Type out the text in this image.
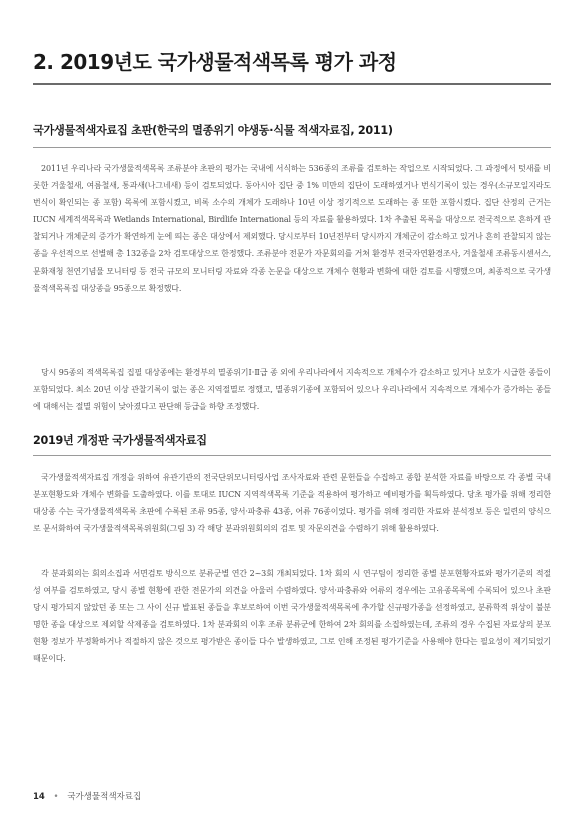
2. 2019년도 국가생물적색목록 평가 과정
국가생물적색자료집 초판(한국의 멸종위기 야생동·식물 적색자료집, 2011)
2011년 우리나라 국가생물적색목록 조류분야 초판의 평가는 국내에 서식하는 536종의 조류를 검토하는 작업으로 시작되었다. 그 과정에서 텃새를 비롯한 겨울철새, 여름철새, 통과새(나그네새) 등이 검토되었다. 동아시아 집단 중 1% 미만의 집단이 도래하였거나 번식기록이 있는 경우(소규모일지라도 번식이 확인되는 종 포함) 목록에 포함시켰고, 비록 소수의 개체가 도래하나 10년 이상 정기적으로 도래하는 종 또한 포함시켰다. 집단 산정의 근거는 IUCN 세계적색목록과 Wetlands International, Birdlife International 등의 자료를 활용하였다. 1차 추출된 목록을 대상으로 전국적으로 흔하게 관찰되거나 개체군의 증가가 확연하게 눈에 띄는 종은 대상에서 제외했다. 당시로부터 10년전부터 당시까지 개체군이 감소하고 있거나 흔히 관찰되지 않는 종을 우선적으로 선별해 총 132종을 2차 검토대상으로 한정했다. 조류분야 전문가 자문회의를 거쳐 환경부 전국자연환경조사, 겨울철새 조류동시센서스, 문화재청 천연기념물 모니터링 등 전국 규모의 모니터링 자료와 각종 논문을 대상으로 개체수 현황과 변화에 대한 검토를 시행했으며, 최종적으로 국가생물적색목록집 대상종을 95종으로 확정했다.
당시 95종의 적색목록집 집필 대상종에는 환경부의 멸종위기Ⅰ·Ⅱ급 종 외에 우리나라에서 지속적으로 개체수가 감소하고 있거나 보호가 시급한 종들이 포함되었다. 최소 20년 이상 관찰기록이 없는 종은 지역절멸로 정했고, 멸종위기종에 포함되어 있으나 우리나라에서 지속적으로 개체수가 증가하는 종들에 대해서는 절멸 위험이 낮아졌다고 판단해 등급을 하향 조정했다.
2019년 개정판 국가생물적색자료집
국가생물적색자료집 개정을 위하여 유관기관의 전국단위모니터링사업 조사자료와 관련 문헌들을 수집하고 종합 분석한 자료를 바탕으로 각 종별 국내 분포현황도와 개체수 변화를 도출하였다. 이를 토대로 IUCN 지역적색목록 기준을 적용하여 평가하고 예비평가를 획득하였다. 당초 평가를 위해 정리한 대상종 수는 국가생물적색목록 초판에 수록된 조류 95종, 양서·파충류 43종, 어류 76종이었다. 평가를 위해 정리한 자료와 분석정보 등은 일련의 양식으로 문서화하여 국가생물적색목록위원회(그림 3) 각 해당 분과위원회의의 검토 및 자문의견을 수렴하기 위해 활용하였다.
각 분과회의는 회의소집과 서면검토 방식으로 분류군별 연간 2~3회 개최되었다. 1차 회의 시 연구팀이 정리한 종별 분포현황자료와 평가기준의 적절성 여부를 검토하였고, 당시 종별 현황에 관한 전문가의 의견을 아울러 수렴하였다. 양서·파충류와 어류의 경우에는 고유종목록에 수록되어 있으나 초판 당시 평가되지 않았던 종 또는 그 사이 신규 발표된 종들을 후보로하여 이번 국가생물적색목록에 추가할 신규평가종을 선정하였고, 분류학적 위상이 불분명한 종을 대상으로 제외할 삭제종을 검토하였다. 1차 분과회의 이후 조류 분류군에 한하여 2차 회의를 소집하였는데, 조류의 경우 수집된 자료상의 분포현황 정보가 부정확하거나 적절하지 않은 것으로 평가받은 종이들 다수 발생하였고, 그로 인해 조정된 평가기준을 사용해야 한다는 필요성이 제기되었기 때문이다.
14 • 국가생물적색자료집
